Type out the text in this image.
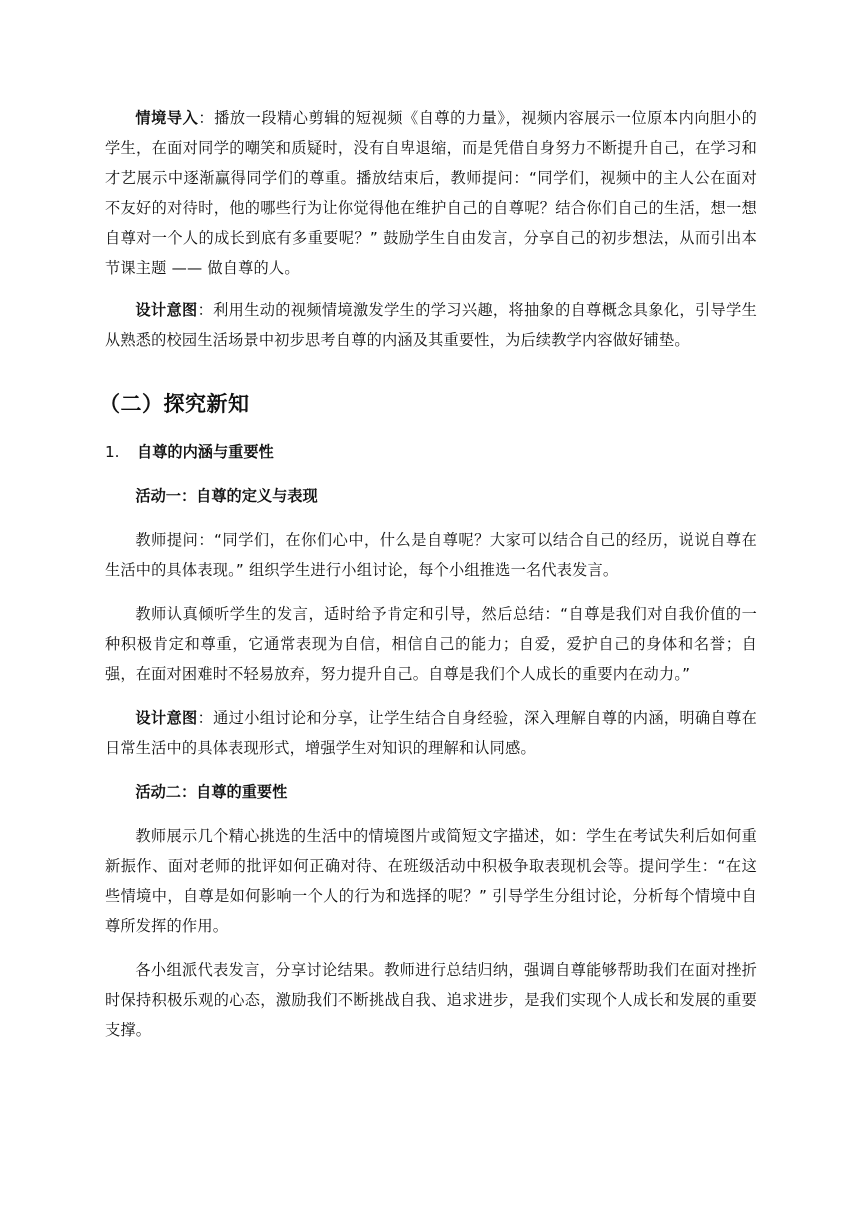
情境导入：播放一段精心剪辑的短视频《自尊的力量》，视频内容展示一位原本内向胆小的学生，在面对同学的嘲笑和质疑时，没有自卑退缩，而是凭借自身努力不断提升自己，在学习和才艺展示中逐渐赢得同学们的尊重。播放结束后，教师提问：“同学们，视频中的主人公在面对不友好的对待时，他的哪些行为让你觉得他在维护自己的自尊呢？结合你们自己的生活，想一想自尊对一个人的成长到底有多重要呢？” 鼓励学生自由发言，分享自己的初步想法，从而引出本节课主题 —— 做自尊的人。

设计意图：利用生动的视频情境激发学生的学习兴趣，将抽象的自尊概念具象化，引导学生从熟悉的校园生活场景中初步思考自尊的内涵及其重要性，为后续教学内容做好铺垫。

（二）探究新知
1.	自尊的内涵与重要性
活动一：自尊的定义与表现

教师提问：“同学们，在你们心中，什么是自尊呢？大家可以结合自己的经历，说说自尊在生活中的具体表现。” 组织学生进行小组讨论，每个小组推选一名代表发言。

教师认真倾听学生的发言，适时给予肯定和引导，然后总结：“自尊是我们对自我价值的一种积极肯定和尊重，它通常表现为自信，相信自己的能力；自爱，爱护自己的身体和名誉；自强，在面对困难时不轻易放弃，努力提升自己。自尊是我们个人成长的重要内在动力。”

设计意图：通过小组讨论和分享，让学生结合自身经验，深入理解自尊的内涵，明确自尊在日常生活中的具体表现形式，增强学生对知识的理解和认同感。

活动二：自尊的重要性

教师展示几个精心挑选的生活中的情境图片或简短文字描述，如：学生在考试失利后如何重新振作、面对老师的批评如何正确对待、在班级活动中积极争取表现机会等。提问学生：“在这些情境中，自尊是如何影响一个人的行为和选择的呢？” 引导学生分组讨论，分析每个情境中自尊所发挥的作用。

各小组派代表发言，分享讨论结果。教师进行总结归纳，强调自尊能够帮助我们在面对挫折时保持积极乐观的心态，激励我们不断挑战自我、追求进步，是我们实现个人成长和发展的重要支撑。
